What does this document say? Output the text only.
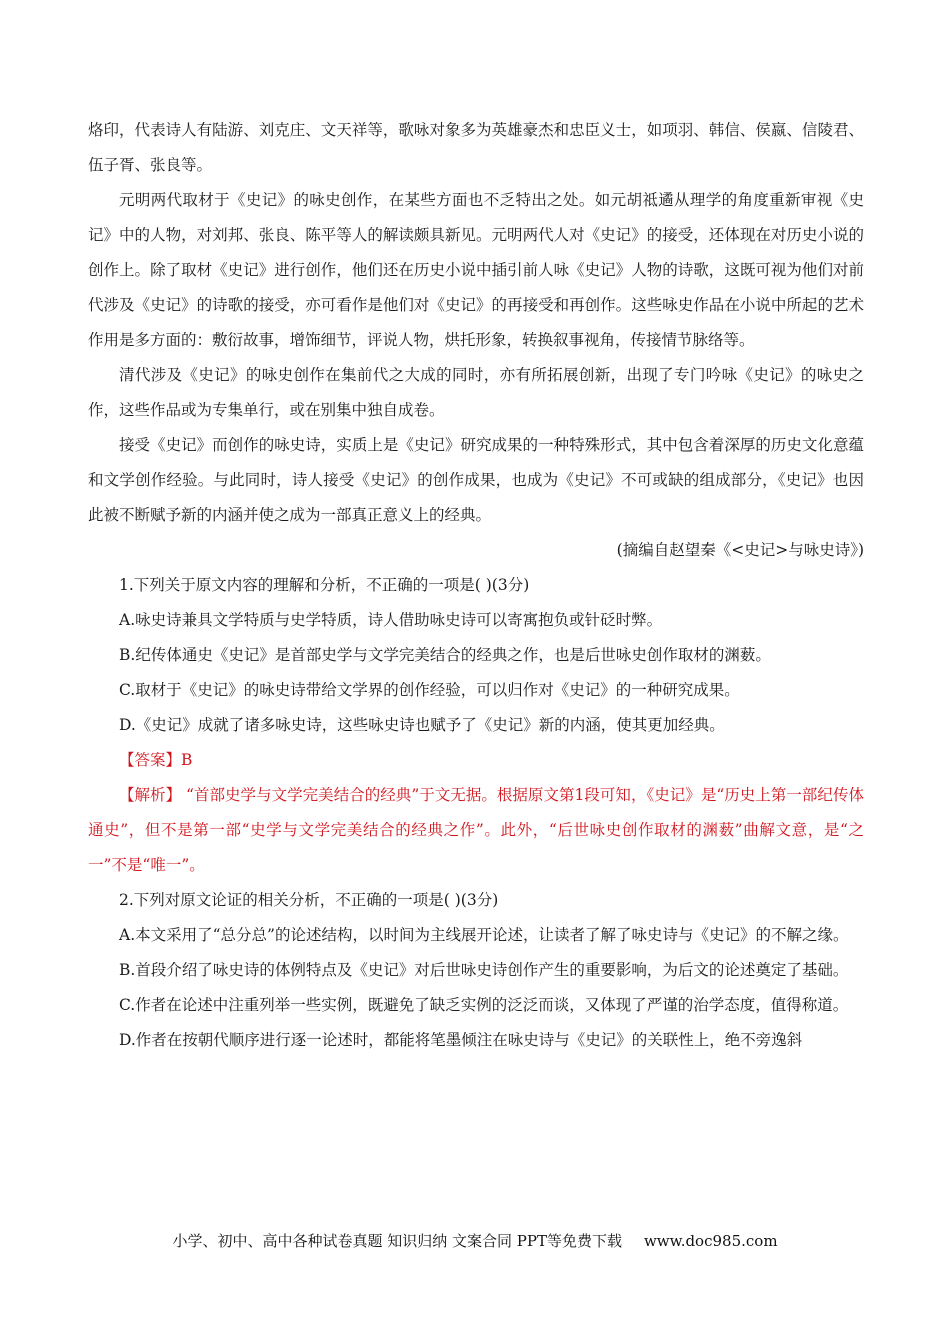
烙印，代表诗人有陆游、刘克庄、文天祥等，歌咏对象多为英雄豪杰和忠臣义士，如项羽、韩信、侯嬴、信陵君、伍子胥、张良等。

元明两代取材于《史记》的咏史创作，在某些方面也不乏特出之处。如元胡祗遹从理学的角度重新审视《史记》中的人物，对刘邦、张良、陈平等人的解读颇具新见。元明两代人对《史记》的接受，还体现在对历史小说的创作上。除了取材《史记》进行创作，他们还在历史小说中插引前人咏《史记》人物的诗歌，这既可视为他们对前代涉及《史记》的诗歌的接受，亦可看作是他们对《史记》的再接受和再创作。这些咏史作品在小说中所起的艺术作用是多方面的：敷衍故事，增饰细节，评说人物，烘托形象，转换叙事视角，传接情节脉络等。

清代涉及《史记》的咏史创作在集前代之大成的同时，亦有所拓展创新，出现了专门吟咏《史记》的咏史之作，这些作品或为专集单行，或在别集中独自成卷。

接受《史记》而创作的咏史诗，实质上是《史记》研究成果的一种特殊形式，其中包含着深厚的历史文化意蕴和文学创作经验。与此同时，诗人接受《史记》的创作成果，也成为《史记》不可或缺的组成部分，《史记》也因此被不断赋予新的内涵并使之成为一部真正意义上的经典。

(摘编自赵望秦《<史记>与咏史诗》)

1.下列关于原文内容的理解和分析，不正确的一项是( )(3分)

A.咏史诗兼具文学特质与史学特质，诗人借助咏史诗可以寄寓抱负或针砭时弊。

B.纪传体通史《史记》是首部史学与文学完美结合的经典之作，也是后世咏史创作取材的渊薮。

C.取材于《史记》的咏史诗带给文学界的创作经验，可以归作对《史记》的一种研究成果。

D.《史记》成就了诸多咏史诗，这些咏史诗也赋予了《史记》新的内涵，使其更加经典。

【答案】B

【解析】 “首部史学与文学完美结合的经典”于文无据。根据原文第1段可知，《史记》是“历史上第一部纪传体通史”，但不是第一部“史学与文学完美结合的经典之作”。此外，“后世咏史创作取材的渊薮”曲解文意，是“之一”不是“唯一”。

2.下列对原文论证的相关分析，不正确的一项是( )(3分)

A.本文采用了“总分总”的论述结构，以时间为主线展开论述，让读者了解了咏史诗与《史记》的不解之缘。

B.首段介绍了咏史诗的体例特点及《史记》对后世咏史诗创作产生的重要影响，为后文的论述奠定了基础。

C.作者在论述中注重列举一些实例，既避免了缺乏实例的泛泛而谈，又体现了严谨的治学态度，值得称道。

D.作者在按朝代顺序进行逐一论述时，都能将笔墨倾注在咏史诗与《史记》的关联性上，绝不旁逸斜

小学、初中、高中各种试卷真题 知识归纳 文案合同 PPT等免费下载 www.doc985.com
